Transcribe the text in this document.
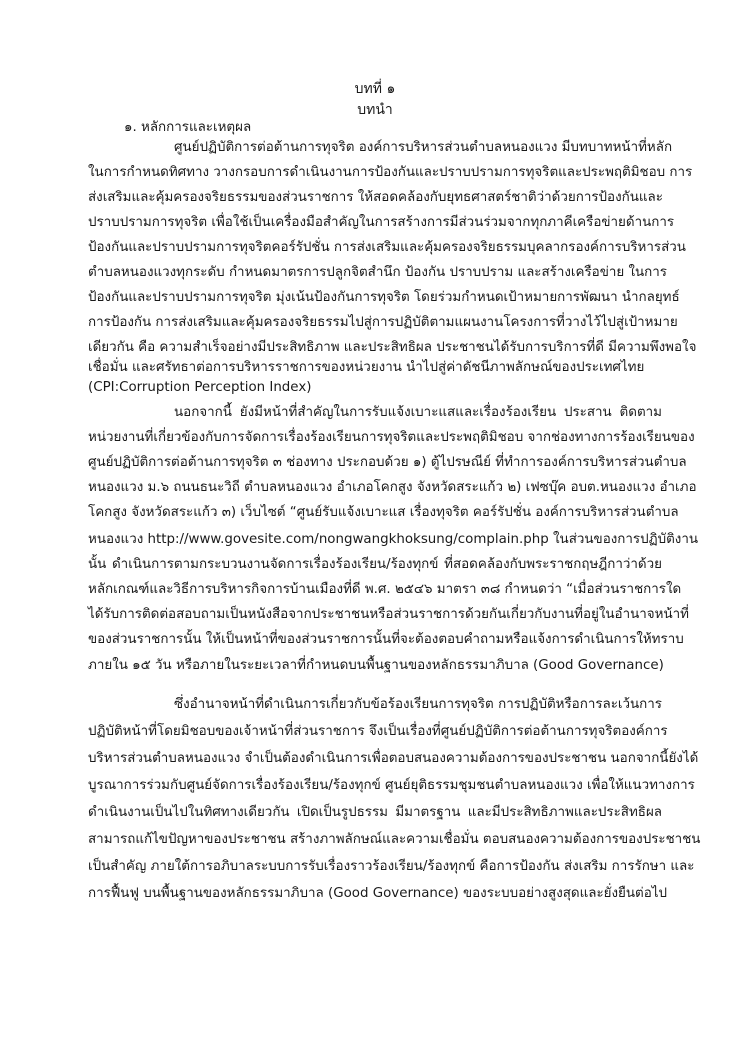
บทที่ ๑
บทนำ
๑. หลักการและเหตุผล
ศูนย์ปฏิบัติการต่อต้านการทุจริต องค์การบริหารส่วนตำบลหนองแวง มีบทบาทหน้าที่หลัก
ในการกำหนดทิศทาง วางกรอบการดำเนินงานการป้องกันและปราบปรามการทุจริตและประพฤติมิชอบ การ
ส่งเสริมและคุ้มครองจริยธรรมของส่วนราชการ ให้สอดคล้องกับยุทธศาสตร์ชาติว่าด้วยการป้องกันและ
ปราบปรามการทุจริต เพื่อใช้เป็นเครื่องมือสำคัญในการสร้างการมีส่วนร่วมจากทุกภาคีเครือข่ายด้านการ
ป้องกันและปราบปรามการทุจริตคอร์รัปชั่น การส่งเสริมและคุ้มครองจริยธรรมบุคลากรองค์การบริหารส่วน
ตำบลหนองแวงทุกระดับ กำหนดมาตรการปลูกจิตสำนึก ป้องกัน ปราบปราม และสร้างเครือข่าย ในการ
ป้องกันและปราบปรามการทุจริต มุ่งเน้นป้องกันการทุจริต โดยร่วมกำหนดเป้าหมายการพัฒนา นำกลยุทธ์
การป้องกัน การส่งเสริมและคุ้มครองจริยธรรมไปสู่การปฏิบัติตามแผนงานโครงการที่วางไว้ไปสู่เป้าหมาย
เดียวกัน คือ ความสำเร็จอย่างมีประสิทธิภาพ และประสิทธิผล ประชาชนได้รับการบริการที่ดี มีความพึงพอใจ
เชื่อมั่น และศรัทธาต่อการบริหารราชการของหน่วยงาน นำไปสู่ค่าดัชนีภาพลักษณ์ของประเทศไทย
(CPI:Corruption Perception Index)
นอกจากนี้ ยังมีหน้าที่สำคัญในการรับแจ้งเบาะแสและเรื่องร้องเรียน ประสาน ติดตาม
หน่วยงานที่เกี่ยวข้องกับการจัดการเรื่องร้องเรียนการทุจริตและประพฤติมิชอบ จากช่องทางการร้องเรียนของ
ศูนย์ปฏิบัติการต่อต้านการทุจริต ๓ ช่องทาง ประกอบด้วย ๑) ตู้ไปรษณีย์ ที่ทำการองค์การบริหารส่วนตำบล
หนองแวง ม.๖ ถนนธนะวิถี ตำบลหนองแวง อำเภอโคกสูง จังหวัดสระแก้ว ๒) เฟซบุ๊ค อบต.หนองแวง อำเภอ
โคกสูง จังหวัดสระแก้ว ๓) เว็บไซต์ “ศูนย์รับแจ้งเบาะแส เรื่องทุจริต คอร์รัปชั่น องค์การบริหารส่วนตำบล
หนองแวง http://www.govesite.com/nongwangkhoksung/complain.php ในส่วนของการปฏิบัติงาน
นั้น ดำเนินการตามกระบวนงานจัดการเรื่องร้องเรียน/ร้องทุกข์ ที่สอดคล้องกับพระราชกฤษฎีกาว่าด้วย
หลักเกณฑ์และวิธีการบริหารกิจการบ้านเมืองที่ดี พ.ศ. ๒๕๔๖ มาตรา ๓๘ กำหนดว่า “เมื่อส่วนราชการใด
ได้รับการติดต่อสอบถามเป็นหนังสือจากประชาชนหรือส่วนราชการด้วยกันเกี่ยวกับงานที่อยู่ในอำนาจหน้าที่
ของส่วนราชการนั้น ให้เป็นหน้าที่ของส่วนราชการนั้นที่จะต้องตอบคำถามหรือแจ้งการดำเนินการให้ทราบ
ภายใน ๑๕ วัน หรือภายในระยะเวลาที่กำหนดบนพื้นฐานของหลักธรรมาภิบาล (Good Governance)
ซึ่งอำนาจหน้าที่ดำเนินการเกี่ยวกับข้อร้องเรียนการทุจริต การปฏิบัติหรือการละเว้นการ
ปฏิบัติหน้าที่โดยมิชอบของเจ้าหน้าที่ส่วนราชการ จึงเป็นเรื่องที่ศูนย์ปฏิบัติการต่อต้านการทุจริตองค์การ
บริหารส่วนตำบลหนองแวง จำเป็นต้องดำเนินการเพื่อตอบสนองความต้องการของประชาชน นอกจากนี้ยังได้
บูรณาการร่วมกับศูนย์จัดการเรื่องร้องเรียน/ร้องทุกข์ ศูนย์ยุติธรรมชุมชนตำบลหนองแวง เพื่อให้แนวทางการ
ดำเนินงานเป็นไปในทิศทางเดียวกัน เปิดเป็นรูปธรรม มีมาตรฐาน และมีประสิทธิภาพและประสิทธิผล
สามารถแก้ไขปัญหาของประชาชน สร้างภาพลักษณ์และความเชื่อมั่น ตอบสนองความต้องการของประชาชน
เป็นสำคัญ ภายใต้การอภิบาลระบบการรับเรื่องราวร้องเรียน/ร้องทุกข์ คือการป้องกัน ส่งเสริม การรักษา และ
การฟื้นฟู บนพื้นฐานของหลักธรรมาภิบาล (Good Governance) ของระบบอย่างสูงสุดและยั่งยืนต่อไป
